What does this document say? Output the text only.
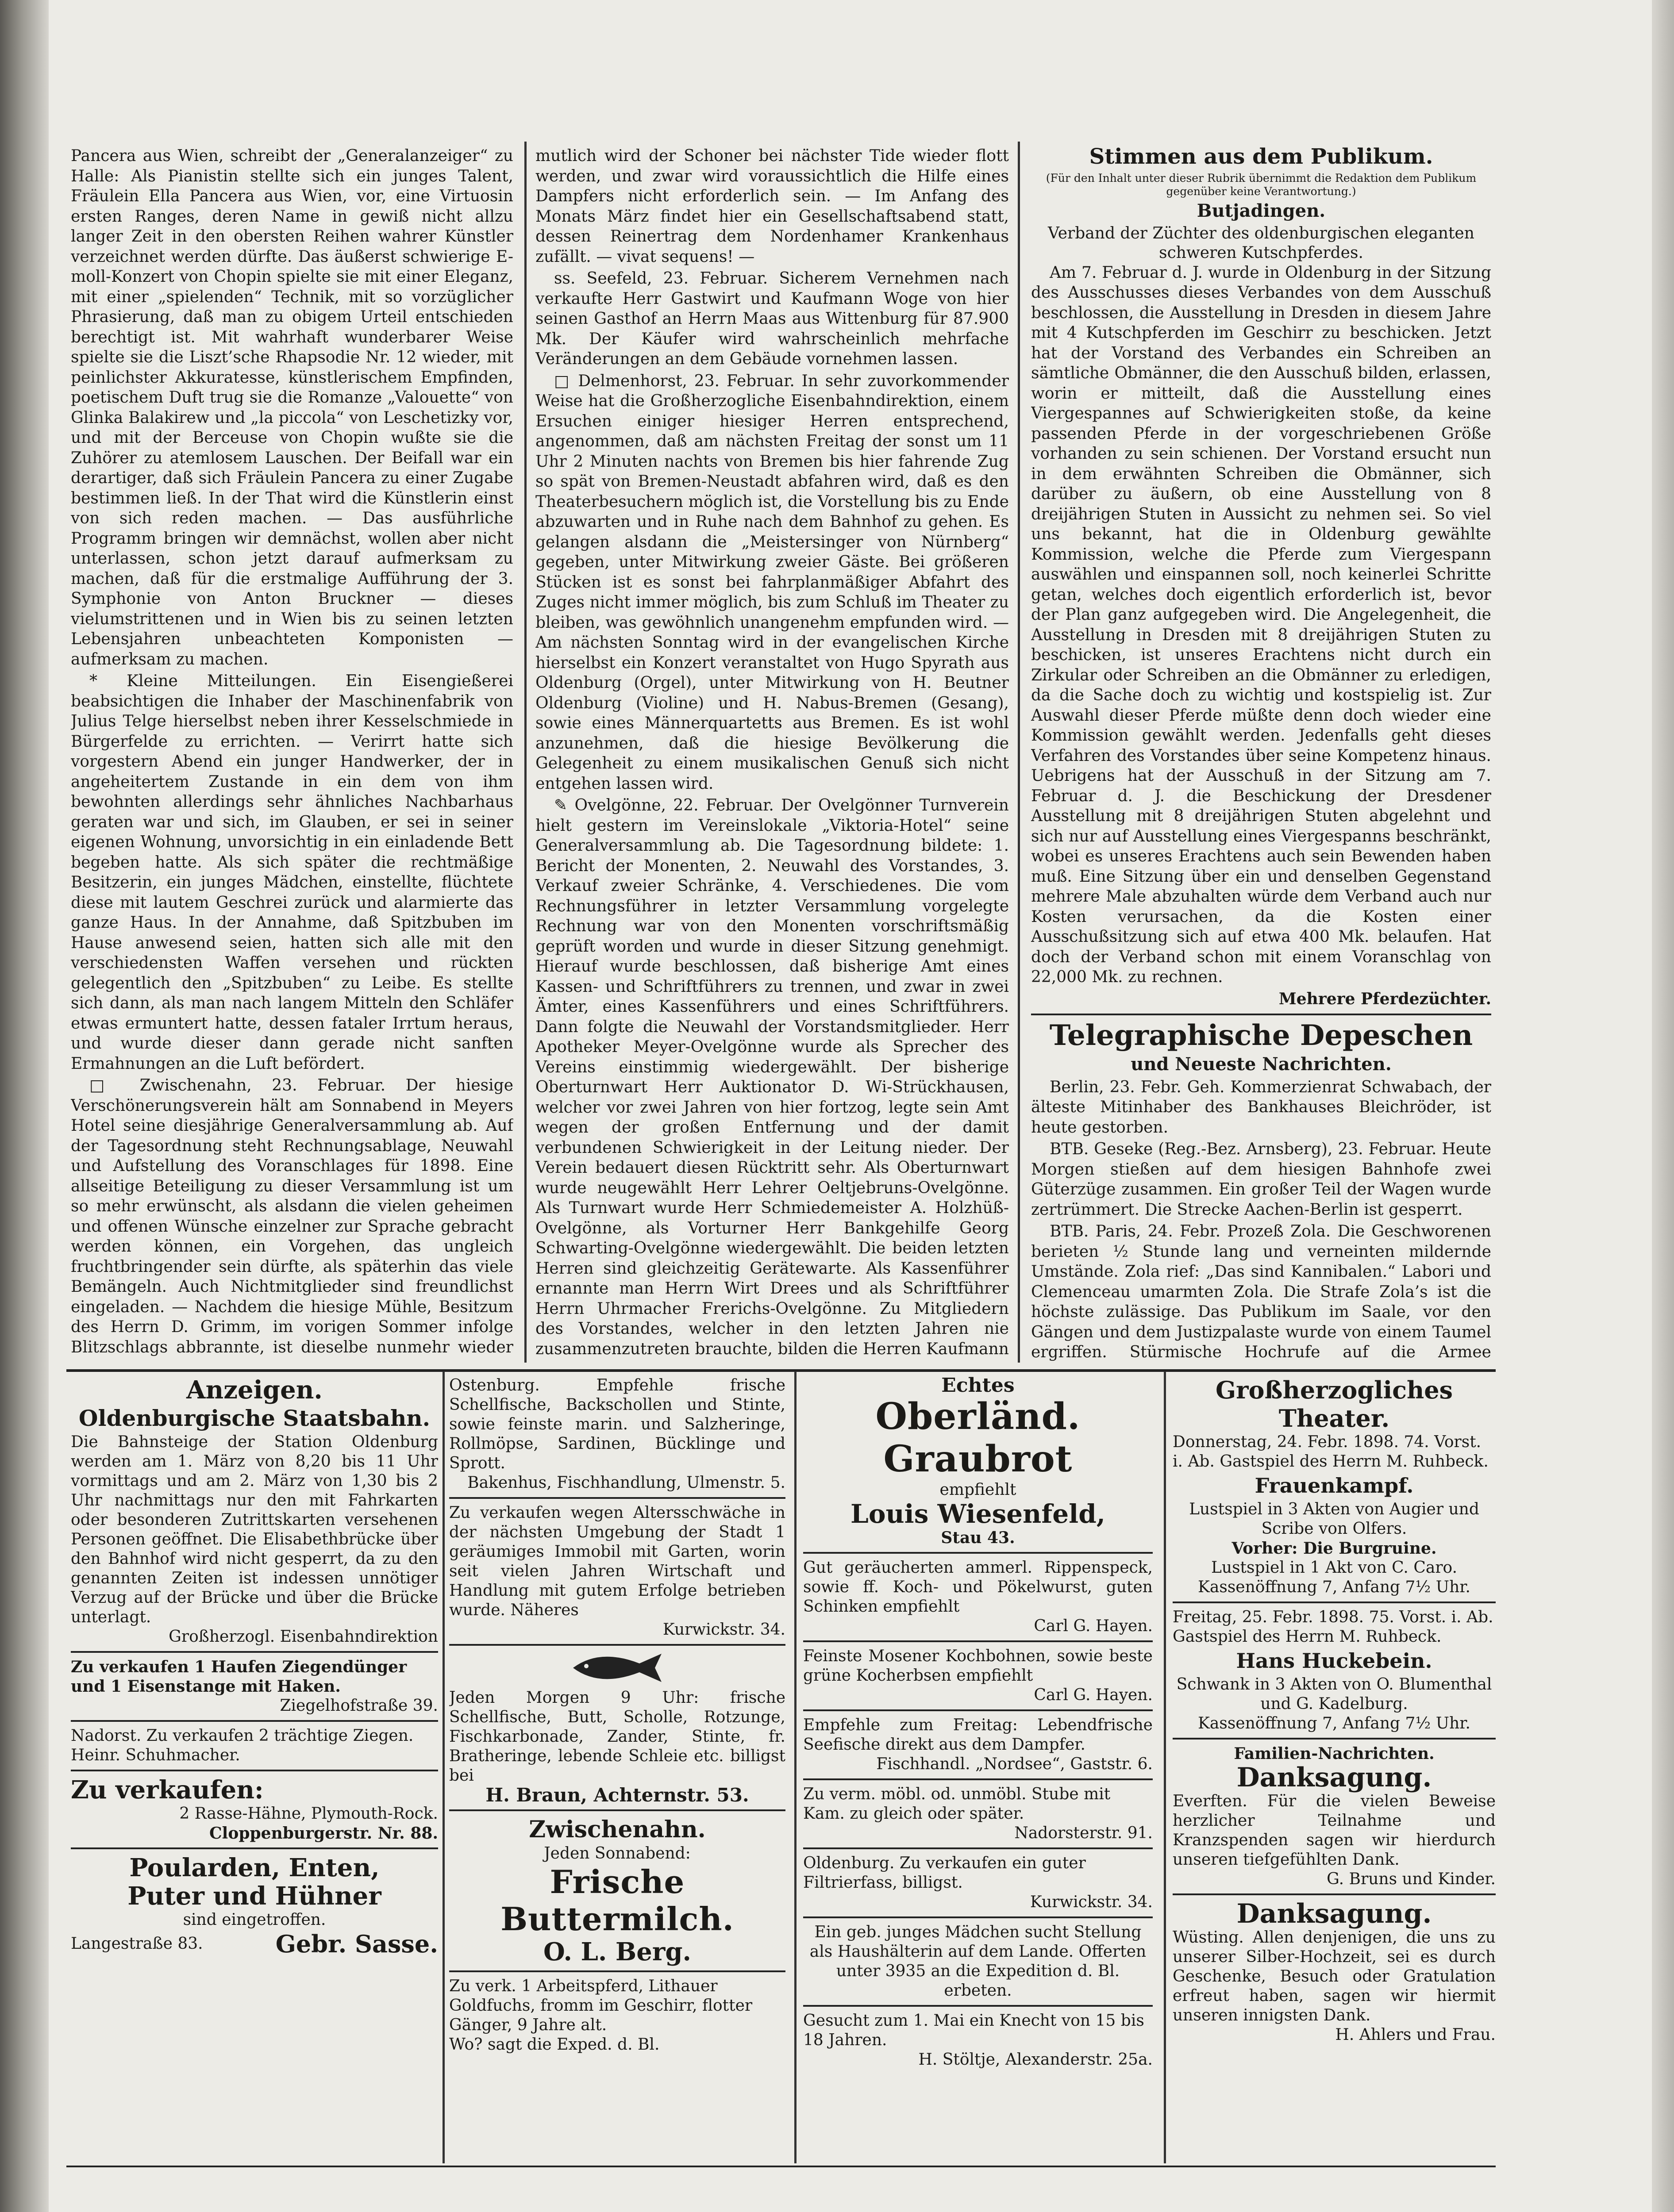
Pancera aus Wien, schreibt der „Generalanzeiger“ zu Halle: Als Pianistin stellte sich ein junges Talent, Fräulein Ella Pancera aus Wien, vor, eine Virtuosin ersten Ranges, deren Name in gewiß nicht allzu langer Zeit in den obersten Reihen wahrer Künstler verzeichnet werden dürfte. Das äußerst schwierige E-moll-Konzert von Chopin spielte sie mit einer Eleganz, mit einer „spielenden“ Technik, mit so vorzüglicher Phrasierung, daß man zu obigem Urteil entschieden berechtigt ist. Mit wahrhaft wunderbarer Weise spielte sie die Liszt’sche Rhapsodie Nr. 12 wieder, mit peinlichster Akkuratesse, künstlerischem Empfinden, poetischem Duft trug sie die Romanze „Valouette“ von Glinka Balakirew und „la piccola“ von Leschetizky vor, und mit der Berceuse von Chopin wußte sie die Zuhörer zu atemlosem Lauschen. Der Beifall war ein derartiger, daß sich Fräulein Pancera zu einer Zugabe bestimmen ließ. In der That wird die Künstlerin einst von sich reden machen. — Das ausführliche Programm bringen wir demnächst, wollen aber nicht unterlassen, schon jetzt darauf aufmerksam zu machen, daß für die erstmalige Aufführung der 3. Symphonie von Anton Bruckner — dieses vielumstrittenen und in Wien bis zu seinen letzten Lebensjahren unbeachteten Komponisten — aufmerksam zu machen.

* Kleine Mitteilungen. Ein Eisengießerei beabsichtigen die Inhaber der Maschinenfabrik von Julius Telge hierselbst neben ihrer Kesselschmiede in Bürgerfelde zu errichten. — Verirrt hatte sich vorgestern Abend ein junger Handwerker, der in angeheitertem Zustande in ein dem von ihm bewohnten allerdings sehr ähnliches Nachbarhaus geraten war und sich, im Glauben, er sei in seiner eigenen Wohnung, unvorsichtig in ein einladende Bett begeben hatte. Als sich später die rechtmäßige Besitzerin, ein junges Mädchen, einstellte, flüchtete diese mit lautem Geschrei zurück und alarmierte das ganze Haus. In der Annahme, daß Spitzbuben im Hause anwesend seien, hatten sich alle mit den verschiedensten Waffen versehen und rückten gelegentlich den „Spitzbuben“ zu Leibe. Es stellte sich dann, als man nach langem Mitteln den Schläfer etwas ermuntert hatte, dessen fataler Irrtum heraus, und wurde dieser dann gerade nicht sanften Ermahnungen an die Luft befördert.

□ Zwischenahn, 23. Februar. Der hiesige Verschönerungsverein hält am Sonnabend in Meyers Hotel seine diesjährige Generalversammlung ab. Auf der Tagesordnung steht Rechnungsablage, Neuwahl und Aufstellung des Voranschlages für 1898. Eine allseitige Beteiligung zu dieser Versammlung ist um so mehr erwünscht, als alsdann die vielen geheimen und offenen Wünsche einzelner zur Sprache gebracht werden können, ein Vorgehen, das ungleich fruchtbringender sein dürfte, als späterhin das viele Bemängeln. Auch Nichtmitglieder sind freundlichst eingeladen. — Nachdem die hiesige Mühle, Besitzum des Herrn D. Grimm, im vorigen Sommer infolge Blitzschlags abbrannte, ist dieselbe nunmehr wieder

mutlich wird der Schoner bei nächster Tide wieder flott werden, und zwar wird voraussichtlich die Hilfe eines Dampfers nicht erforderlich sein. — Im Anfang des Monats März findet hier ein Gesellschaftsabend statt, dessen Reinertrag dem Nordenhamer Krankenhaus zufällt. — vivat sequens! —

ss. Seefeld, 23. Februar. Sicherem Vernehmen nach verkaufte Herr Gastwirt und Kaufmann Woge von hier seinen Gasthof an Herrn Maas aus Wittenburg für 87.900 Mk. Der Käufer wird wahrscheinlich mehrfache Veränderungen an dem Gebäude vornehmen lassen.

□ Delmenhorst, 23. Februar. In sehr zuvorkommender Weise hat die Großherzogliche Eisenbahndirektion, einem Ersuchen einiger hiesiger Herren entsprechend, angenommen, daß am nächsten Freitag der sonst um 11 Uhr 2 Minuten nachts von Bremen bis hier fahrende Zug so spät von Bremen-Neustadt abfahren wird, daß es den Theaterbesuchern möglich ist, die Vorstellung bis zu Ende abzuwarten und in Ruhe nach dem Bahnhof zu gehen. Es gelangen alsdann die „Meistersinger von Nürnberg“ gegeben, unter Mitwirkung zweier Gäste. Bei größeren Stücken ist es sonst bei fahrplanmäßiger Abfahrt des Zuges nicht immer möglich, bis zum Schluß im Theater zu bleiben, was gewöhnlich unangenehm empfunden wird. — Am nächsten Sonntag wird in der evangelischen Kirche hierselbst ein Konzert veranstaltet von Hugo Spyrath aus Oldenburg (Orgel), unter Mitwirkung von H. Beutner Oldenburg (Violine) und H. Nabus-Bremen (Gesang), sowie eines Männerquartetts aus Bremen. Es ist wohl anzunehmen, daß die hiesige Bevölkerung die Gelegenheit zu einem musikalischen Genuß sich nicht entgehen lassen wird.

✎ Ovelgönne, 22. Februar. Der Ovelgönner Turnverein hielt gestern im Vereinslokale „Viktoria-Hotel“ seine Generalversammlung ab. Die Tagesordnung bildete: 1. Bericht der Monenten, 2. Neuwahl des Vorstandes, 3. Verkauf zweier Schränke, 4. Verschiedenes. Die vom Rechnungsführer in letzter Versammlung vorgelegte Rechnung war von den Monenten vorschriftsmäßig geprüft worden und wurde in dieser Sitzung genehmigt. Hierauf wurde beschlossen, daß bisherige Amt eines Kassen- und Schriftführers zu trennen, und zwar in zwei Ämter, eines Kassenführers und eines Schriftführers. Dann folgte die Neuwahl der Vorstandsmitglieder. Herr Apotheker Meyer-Ovelgönne wurde als Sprecher des Vereins einstimmig wiedergewählt. Der bisherige Oberturnwart Herr Auktionator D. Wi-Strückhausen, welcher vor zwei Jahren von hier fortzog, legte sein Amt wegen der großen Entfernung und der damit verbundenen Schwierigkeit in der Leitung nieder. Der Verein bedauert diesen Rücktritt sehr. Als Oberturnwart wurde neugewählt Herr Lehrer Oeltjebruns-Ovelgönne. Als Turnwart wurde Herr Schmiedemeister A. Holzhüß-Ovelgönne, als Vorturner Herr Bankgehilfe Georg Schwarting-Ovelgönne wiedergewählt. Die beiden letzten Herren sind gleichzeitig Gerätewarte. Als Kassenführer ernannte man Herrn Wirt Drees und als Schriftführer Herrn Uhrmacher Frerichs-Ovelgönne. Zu Mitgliedern des Vorstandes, welcher in den letzten Jahren nie zusammenzutreten brauchte, bilden die Herren Kaufmann

Stimmen aus dem Publikum.
(Für den Inhalt unter dieser Rubrik übernimmt die Redaktion dem Publikum gegenüber keine Verantwortung.)
Butjadingen.
Verband der Züchter des oldenburgischen eleganten schweren Kutschpferdes.

Am 7. Februar d. J. wurde in Oldenburg in der Sitzung des Ausschusses dieses Verbandes von dem Ausschuß beschlossen, die Ausstellung in Dresden in diesem Jahre mit 4 Kutschpferden im Geschirr zu beschicken. Jetzt hat der Vorstand des Verbandes ein Schreiben an sämtliche Obmänner, die den Ausschuß bilden, erlassen, worin er mitteilt, daß die Ausstellung eines Viergespannes auf Schwierigkeiten stoße, da keine passenden Pferde in der vorgeschriebenen Größe vorhanden zu sein schienen. Der Vorstand ersucht nun in dem erwähnten Schreiben die Obmänner, sich darüber zu äußern, ob eine Ausstellung von 8 dreijährigen Stuten in Aussicht zu nehmen sei. So viel uns bekannt, hat die in Oldenburg gewählte Kommission, welche die Pferde zum Viergespann auswählen und einspannen soll, noch keinerlei Schritte getan, welches doch eigentlich erforderlich ist, bevor der Plan ganz aufgegeben wird. Die Angelegenheit, die Ausstellung in Dresden mit 8 dreijährigen Stuten zu beschicken, ist unseres Erachtens nicht durch ein Zirkular oder Schreiben an die Obmänner zu erledigen, da die Sache doch zu wichtig und kostspielig ist. Zur Auswahl dieser Pferde müßte denn doch wieder eine Kommission gewählt werden. Jedenfalls geht dieses Verfahren des Vorstandes über seine Kompetenz hinaus. Uebrigens hat der Ausschuß in der Sitzung am 7. Februar d. J. die Beschickung der Dresdener Ausstellung mit 8 dreijährigen Stuten abgelehnt und sich nur auf Ausstellung eines Viergespanns beschränkt, wobei es unseres Erachtens auch sein Bewenden haben muß. Eine Sitzung über ein und denselben Gegenstand mehrere Male abzuhalten würde dem Verband auch nur Kosten verursachen, da die Kosten einer Ausschußsitzung sich auf etwa 400 Mk. belaufen. Hat doch der Verband schon mit einem Voranschlag von 22,000 Mk. zu rechnen.

Mehrere Pferdezüchter.
Telegraphische Depeschen
und Neueste Nachrichten.

Berlin, 23. Febr. Geh. Kommerzienrat Schwabach, der älteste Mitinhaber des Bankhauses Bleichröder, ist heute gestorben.

BTB. Geseke (Reg.-Bez. Arnsberg), 23. Februar. Heute Morgen stießen auf dem hiesigen Bahnhofe zwei Güterzüge zusammen. Ein großer Teil der Wagen wurde zertrümmert. Die Strecke Aachen-Berlin ist gesperrt.

BTB. Paris, 24. Febr. Prozeß Zola. Die Geschworenen berieten ½ Stunde lang und verneinten mildernde Umstände. Zola rief: „Das sind Kannibalen.“ Labori und Clemenceau umarmten Zola. Die Strafe Zola’s ist die höchste zulässige. Das Publikum im Saale, vor den Gängen und dem Justizpalaste wurde von einem Taumel ergriffen. Stürmische Hochrufe auf die Armee

Anzeigen.
Oldenburgische Staatsbahn.
Die Bahnsteige der Station Oldenburg werden am 1. März von 8,20 bis 11 Uhr vormittags und am 2. März von 1,30 bis 2 Uhr nachmittags nur den mit Fahrkarten oder besonderen Zutrittskarten versehenen Personen geöffnet. Die Elisabethbrücke über den Bahnhof wird nicht gesperrt, da zu den genannten Zeiten ist indessen unnötiger Verzug auf der Brücke und über die Brücke unterlagt.
Großherzogl. Eisenbahndirektion
Zu verkaufen 1 Haufen Ziegendünger und 1 Eisenstange mit Haken.
Ziegelhofstraße 39.
Nadorst. Zu verkaufen 2 trächtige Ziegen. Heinr. Schuhmacher.
Zu verkaufen:
2 Rasse-Hähne, Plymouth-Rock.
Cloppenburgerstr. Nr. 88.
Poularden, Enten,
Puter und Hühner
sind eingetroffen.
Langestraße 83.	Gebr. Sasse.
Ostenburg. Empfehle frische Schellfische, Backschollen und Stinte, sowie feinste marin. und Salzheringe, Rollmöpse, Sardinen, Bücklinge und Sprott.
Bakenhus, Fischhandlung, Ulmenstr. 5.
Zu verkaufen wegen Altersschwäche in der nächsten Umgebung der Stadt 1 geräumiges Immobil mit Garten, worin seit vielen Jahren Wirtschaft und Handlung mit gutem Erfolge betrieben wurde. Näheres
Kurwickstr. 34.
Jeden Morgen 9 Uhr: frische Schellfische, Butt, Scholle, Rotzunge, Fischkarbonade, Zander, Stinte, fr. Bratheringe, lebende Schleie etc. billigst bei
H. Braun, Achternstr. 53.
Zwischenahn.
Jeden Sonnabend:
Frische Buttermilch.
O. L. Berg.
Zu verk. 1 Arbeitspferd, Lithauer Goldfuchs, fromm im Geschirr, flotter Gänger, 9 Jahre alt.
Wo? sagt die Exped. d. Bl.
Echtes
Oberländ. Graubrot
empfiehlt
Louis Wiesenfeld,
Stau 43.
Gut geräucherten ammerl. Rippenspeck, sowie ff. Koch- und Pökelwurst, guten Schinken empfiehlt
Carl G. Hayen.
Feinste Mosener Kochbohnen, sowie beste grüne Kocherbsen empfiehlt
Carl G. Hayen.
Empfehle zum Freitag: Lebendfrische Seefische direkt aus dem Dampfer.
Fischhandl. „Nordsee“, Gaststr. 6.
Zu verm. möbl. od. unmöbl. Stube mit Kam. zu gleich oder später.
Nadorsterstr. 91.
Oldenburg. Zu verkaufen ein guter Filtrierfass, billigst.
Kurwickstr. 34.
Ein geb. junges Mädchen sucht Stellung als Haushälterin auf dem Lande. Offerten unter 3935 an die Expedition d. Bl. erbeten.
Gesucht zum 1. Mai ein Knecht von 15 bis 18 Jahren.
H. Stöltje, Alexanderstr. 25a.
Großherzogliches Theater.
Donnerstag, 24. Febr. 1898. 74. Vorst. i. Ab. Gastspiel des Herrn M. Ruhbeck.
Frauenkampf.
Lustspiel in 3 Akten von Augier und Scribe von Olfers.
Vorher: Die Burgruine.
Lustspiel in 1 Akt von C. Caro. Kassenöffnung 7, Anfang 7½ Uhr.
Freitag, 25. Febr. 1898. 75. Vorst. i. Ab. Gastspiel des Herrn M. Ruhbeck.
Hans Huckebein.
Schwank in 3 Akten von O. Blumenthal und G. Kadelburg.
Kassenöffnung 7, Anfang 7½ Uhr.
Familien-Nachrichten.
Danksagung.
Everften. Für die vielen Beweise herzlicher Teilnahme und Kranzspenden sagen wir hierdurch unseren tiefgefühlten Dank.
G. Bruns und Kinder.
Danksagung.
Wüsting. Allen denjenigen, die uns zu unserer Silber-Hochzeit, sei es durch Geschenke, Besuch oder Gratulation erfreut haben, sagen wir hiermit unseren innigsten Dank.
H. Ahlers und Frau.
